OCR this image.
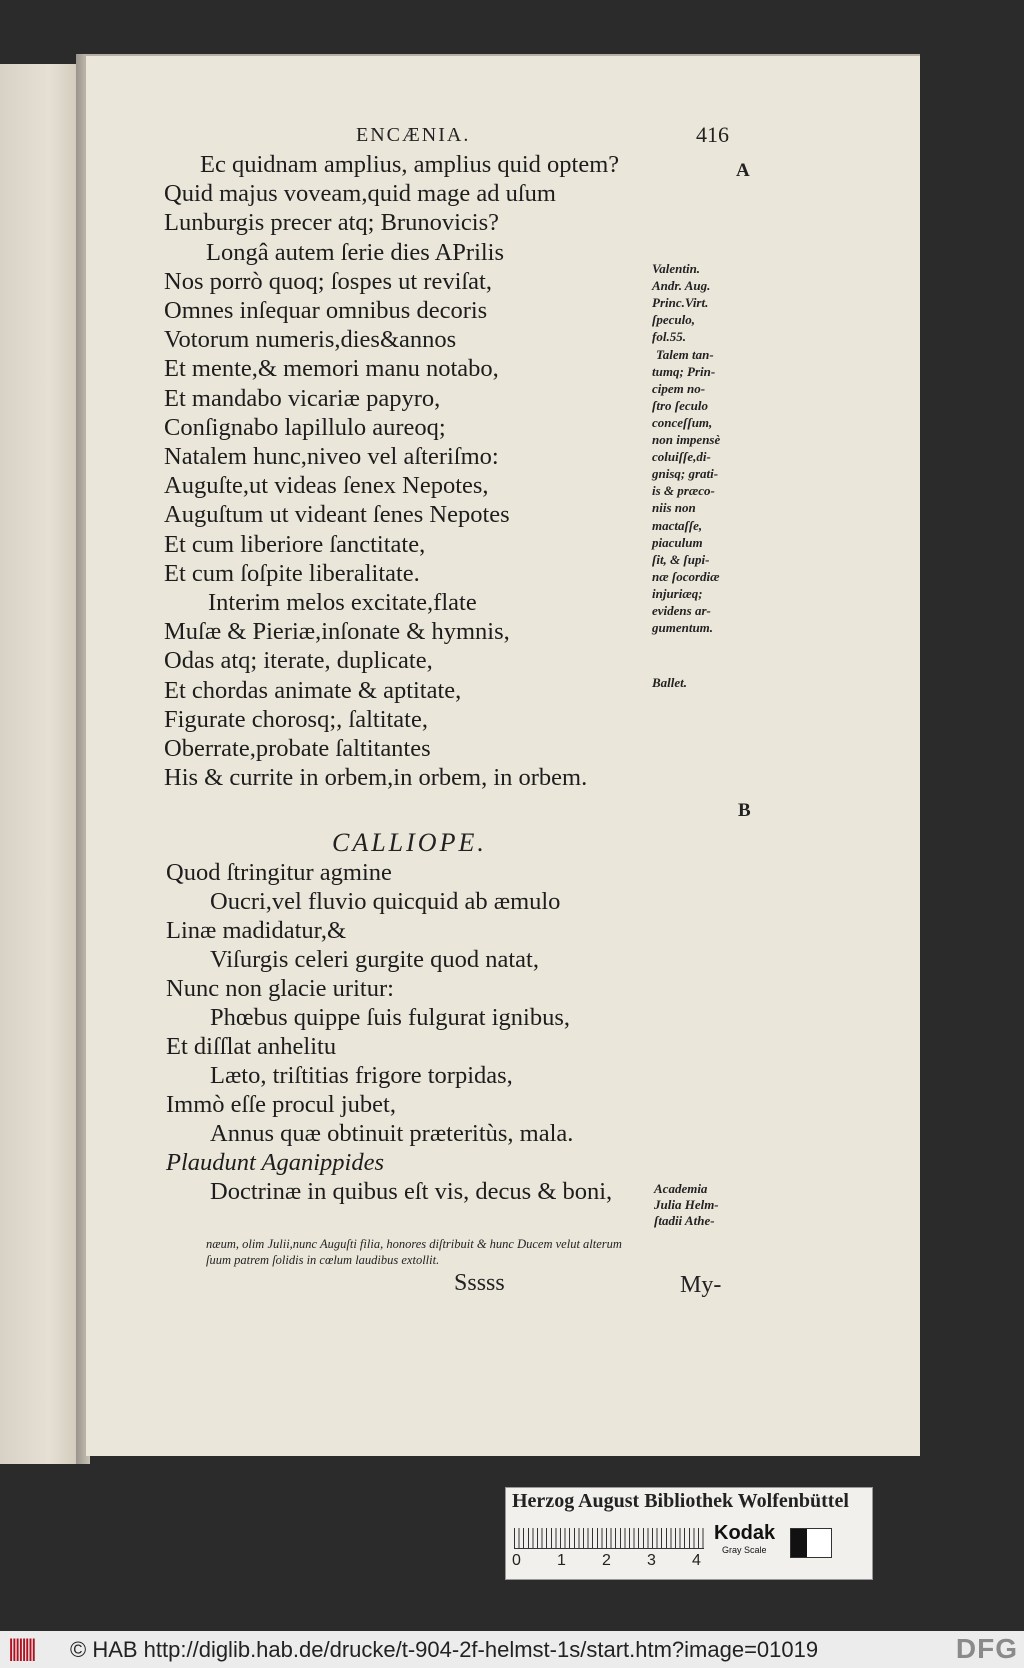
ENCÆNIA.	416
A
B
Ec quidnam amplius, amplius quid optem?
Quid majus voveam,quid mage ad uſum
Lunburgis precer atq; Brunovicis?
Longâ autem ſerie dies APrilis
Nos porrò quoq; ſospes ut reviſat,
Omnes inſequar omnibus decoris
Votorum numeris,dies&annos
Et mente,& memori manu notabo,
Et mandabo vicariæ papyro,
Conſignabo lapillulo aureoq;
Natalem hunc,niveo vel aſteriſmo:
Auguſte,ut videas ſenex Nepotes,
Auguſtum ut videant ſenes Nepotes
Et cum liberiore ſanctitate,
Et cum ſoſpite liberalitate.
Interim melos excitate,flate
Muſæ & Pieriæ,inſonate & hymnis,
Odas atq; iterate, duplicate,
Et chordas animate & aptitate,
Figurate chorosq;, ſaltitate,
Oberrate,probate ſaltitantes
His & currite in orbem,in orbem, in orbem.
Valentin.
Andr. Aug.
Princ.Virt.
ſpeculo,
fol.55.
Talem tan-
tumq; Prin-
cipem no-
ſtro ſeculo
conceſſum,
non impensè
coluiſſe,di-
gnisq; grati-
is & præco-
niis non
mactaſſe,
piaculum
ſit, & ſupi-
næ ſocordiæ
injuriæq;
evidens ar-
gumentum.
Ballet.
CALLIOPE.
Quod ſtringitur agmine
Oucri,vel fluvio quicquid ab æmulo
Linæ madidatur,&
Viſurgis celeri gurgite quod natat,
Nunc non glacie uritur:
Phœbus quippe ſuis fulgurat ignibus,
Et diſſlat anhelitu
Læto, triſtitias frigore torpidas,
Immò eſſe procul jubet,
Annus quæ obtinuit præteritùs, mala.
Plaudunt Aganippides
Doctrinæ in quibus eſt vis, decus & boni,	Academia
Julia Helm-
ſtadii Athe-
næum, olim Julii,nunc Auguſti filia, honores diſtribuit & hunc Ducem velut alterum
ſuum patrem ſolidis in cœlum laudibus extollit.
Sssss	My-
Herzog August Bibliothek Wolfenbüttel
0 1 2 3 4
Kodak
Gray Scale
|||||||| © HAB http://diglib.hab.de/drucke/t-904-2f-helmst-1s/start.htm?image=01019	DFG
